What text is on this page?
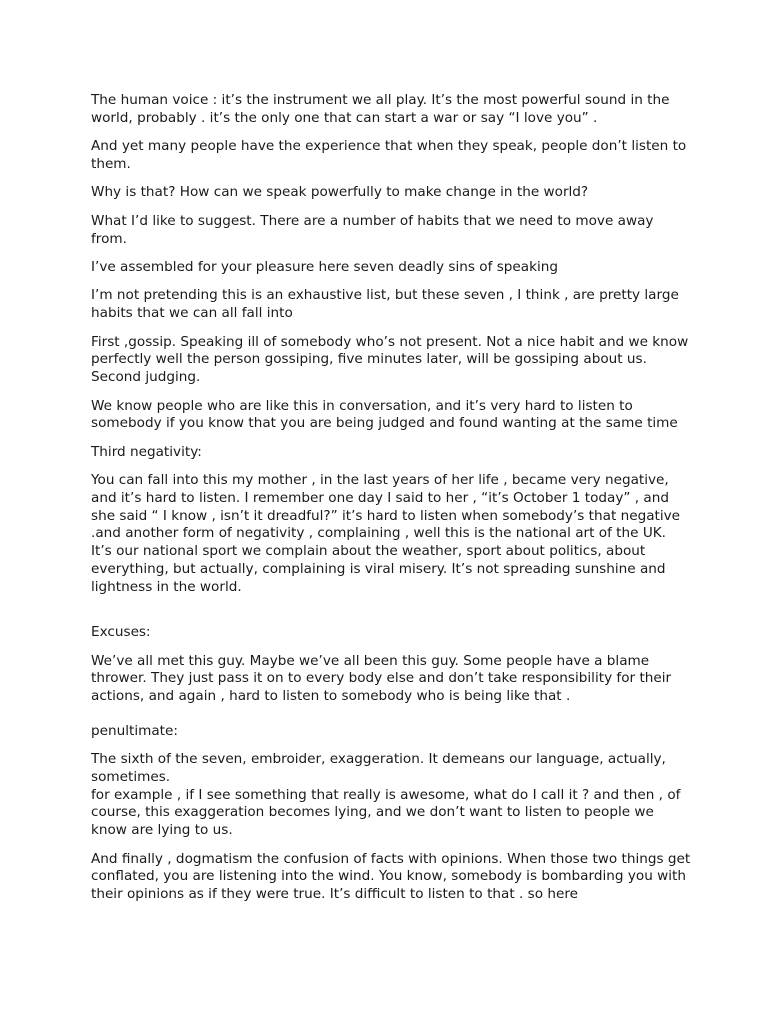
The human voice : it’s the instrument we all play. It’s the most powerful sound in the world, probably . it’s the only one that can start a war or say “I love you” .

And yet many people have the experience that when they speak, people don’t listen to them.

Why is that? How can we speak powerfully to make change in the world?

What I’d like to suggest. There are a number of habits that we need to move away from.

I’ve assembled for your pleasure here seven deadly sins of speaking

I’m not pretending this is an exhaustive list, but these seven , I think , are pretty large habits that we can all fall into

First ,gossip. Speaking ill of somebody who’s not present. Not a nice habit and we know perfectly well the person gossiping, five minutes later, will be gossiping about us. Second judging.

We know people who are like this in conversation, and it’s very hard to listen to somebody if you know that you are being judged and found wanting at the same time

Third negativity:

You can fall into this my mother , in the last years of her life , became very negative, and it’s hard to listen. I remember one day I said to her , “it’s October 1 today” , and she said “ I know , isn’t it dreadful?” it’s hard to listen when somebody’s that negative .and another form of negativity , complaining , well this is the national art of the UK. It’s our national sport we complain about the weather, sport about politics, about everything, but actually, complaining is viral misery. It’s not spreading sunshine and lightness in the world.

Excuses:

We’ve all met this guy. Maybe we’ve all been this guy. Some people have a blame thrower. They just pass it on to every body else and don’t take responsibility for their actions, and again , hard to listen to somebody who is being like that .

penultimate:

The sixth of the seven, embroider, exaggeration. It demeans our language, actually, sometimes.
for example , if I see something that really is awesome, what do I call it ? and then , of course, this exaggeration becomes lying, and we don’t want to listen to people we know are lying to us.

And finally , dogmatism the confusion of facts with opinions. When those two things get conflated, you are listening into the wind. You know, somebody is bombarding you with their opinions as if they were true. It’s difficult to listen to that . so here
